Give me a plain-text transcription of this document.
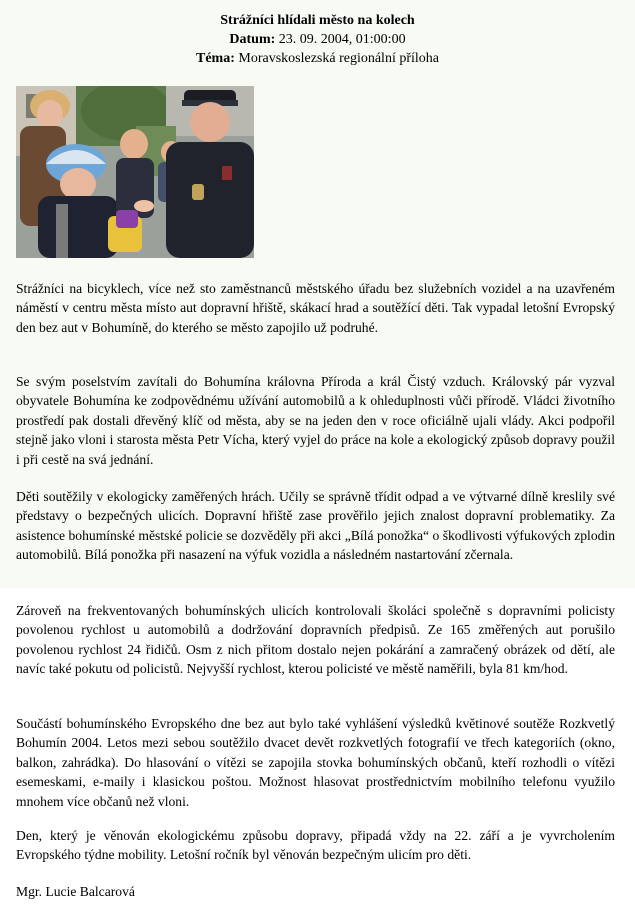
Strážníci hlídali město na kolech
Datum: 23. 09. 2004, 01:00:00
Téma: Moravskoslezská regionální příloha

Strážníci na bicyklech, více než sto zaměstnanců městského úřadu bez služebních vozidel a na uzavřeném náměstí v centru města místo aut dopravní hřiště, skákací hrad a soutěžící děti. Tak vypadal letošní Evropský den bez aut v Bohumíně, do kterého se město zapojilo už podruhé.

Se svým poselstvím zavítali do Bohumína královna Příroda a král Čistý vzduch. Královský pár vyzval obyvatele Bohumína ke zodpovědnému užívání automobilů a k ohleduplnosti vůči přírodě. Vládci životního prostředí pak dostali dřevěný klíč od města, aby se na jeden den v roce oficiálně ujali vlády. Akci podpořil stejně jako vloni i starosta města Petr Vícha, který vyjel do práce na kole a ekologický způsob dopravy použil i při cestě na svá jednání.

Děti soutěžily v ekologicky zaměřených hrách. Učily se správně třídit odpad a ve výtvarné dílně kreslily své představy o bezpečných ulicích. Dopravní hřiště zase prověřilo jejich znalost dopravní problematiky. Za asistence bohumínské městské policie se dozvěděly při akci „Bílá ponožka“ o škodlivosti výfukových zplodin automobilů. Bílá ponožka při nasazení na výfuk vozidla a následném nastartování zčernala.

Zároveň na frekventovaných bohumínských ulicích kontrolovali školáci společně s dopravními policisty povolenou rychlost u automobilů a dodržování dopravních předpisů. Ze 165 změřených aut porušilo povolenou rychlost 24 řidičů. Osm z nich přitom dostalo nejen pokárání a zamračený obrázek od dětí, ale navíc také pokutu od policistů. Nejvyšší rychlost, kterou policisté ve městě naměřili, byla 81 km/hod.

Součástí bohumínského Evropského dne bez aut bylo také vyhlášení výsledků květinové soutěže Rozkvetlý Bohumín 2004. Letos mezi sebou soutěžilo dvacet devět rozkvetlých fotografií ve třech kategoriích (okno, balkon, zahrádka). Do hlasování o vítězi se zapojila stovka bohumínských občanů, kteří rozhodli o vítězi esemeskami, e-maily i klasickou poštou. Možnost hlasovat prostřednictvím mobilního telefonu využilo mnohem více občanů než vloni.

Den, který je věnován ekologickému způsobu dopravy, připadá vždy na 22. září a je vyvrcholením Evropského týdne mobility. Letošní ročník byl věnován bezpečným ulicím pro děti.

Mgr. Lucie Balcarová
